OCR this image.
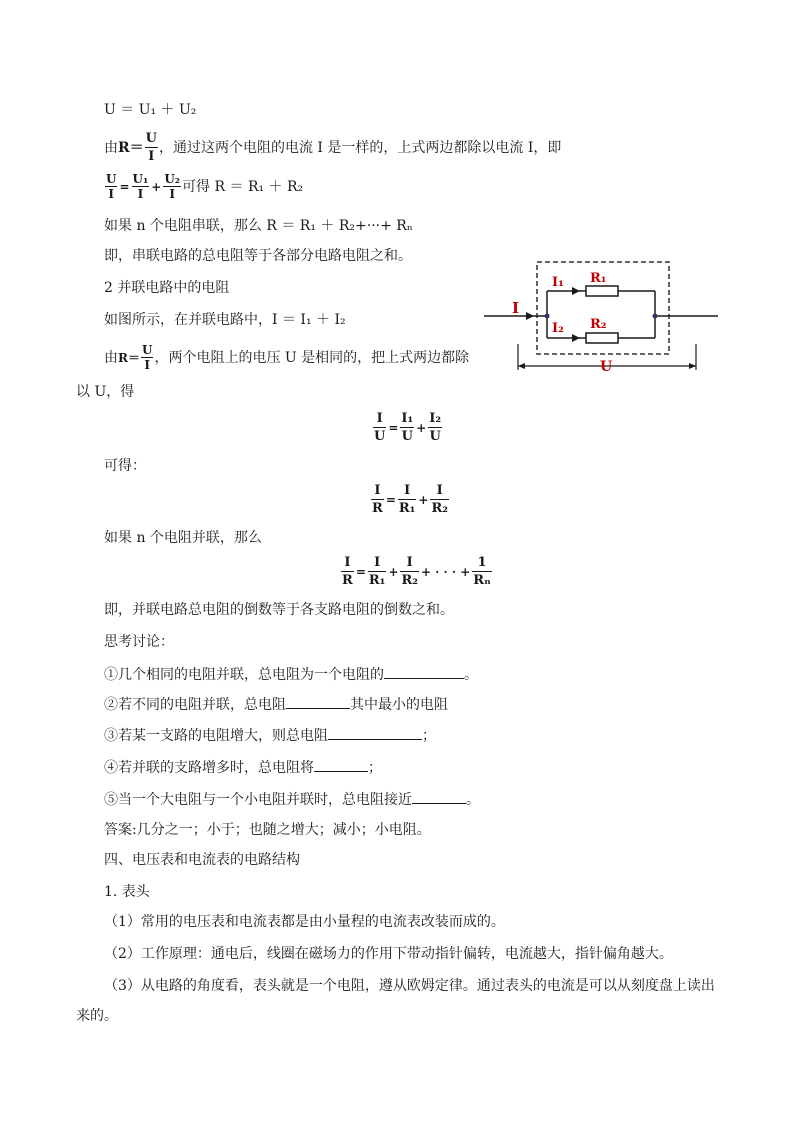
U ＝ U₁ ＋ U₂
由 $R= \frac{U}{I}$ ，通过这两个电阻的电流 I 是一样的，上式两边都除以电流 I，即
$\frac{U}{I} = \frac{\text{U₁}}{I} + \frac{\text{U₂}}{I}$ 可得 R ＝ R₁ ＋ R₂
如果 n 个电阻串联，那么 R ＝ R₁ ＋ R₂+···+ Rₙ
即，串联电路的总电阻等于各部分电路电阻之和。
2 并联电路中的电阻
如图所示，在并联电路中，I ＝ I₁ ＋ I₂
由 $R= \frac{U}{I}$ ，两个电阻上的电压 U 是相同的，把上式两边都除
以 U，得
$\frac{I}{U} = \frac{\text{I₁}}{U} + \frac{\text{I₂}}{U}$
可得：
$\frac{I}{R} = \frac{I}{\text{R₁}} + \frac{I}{\text{R₂}}$
如果 n 个电阻并联，那么
$\frac{I}{R} = \frac{I}{\text{R₁}} + \frac{I}{\text{R₂}}$ + · · · + $\frac{1}{\text{Rₙ}}$
即，并联电路总电阻的倒数等于各支路电阻的倒数之和。
思考讨论：
①几个相同的电阻并联，总电阻为一个电阻的	。
②若不同的电阻并联，总电阻	其中最小的电阻
③若某一支路的电阻增大，则总电阻	；
④若并联的支路增多时，总电阻将	；
⑤当一个大电阻与一个小电阻并联时，总电阻接近	。
答案:几分之一；小于；也随之增大；减小；小电阻。
四、电压表和电流表的电路结构
1. 表头
（1）常用的电压表和电流表都是由小量程的电流表改装而成的。
（2）工作原理：通电后，线圈在磁场力的作用下带动指针偏转，电流越大，指针偏角越大。
（3）从电路的角度看，表头就是一个电阻，遵从欧姆定律。通过表头的电流是可以从刻度盘上读出
来的。
I
I₁
I₂
R₁
R₂
U
